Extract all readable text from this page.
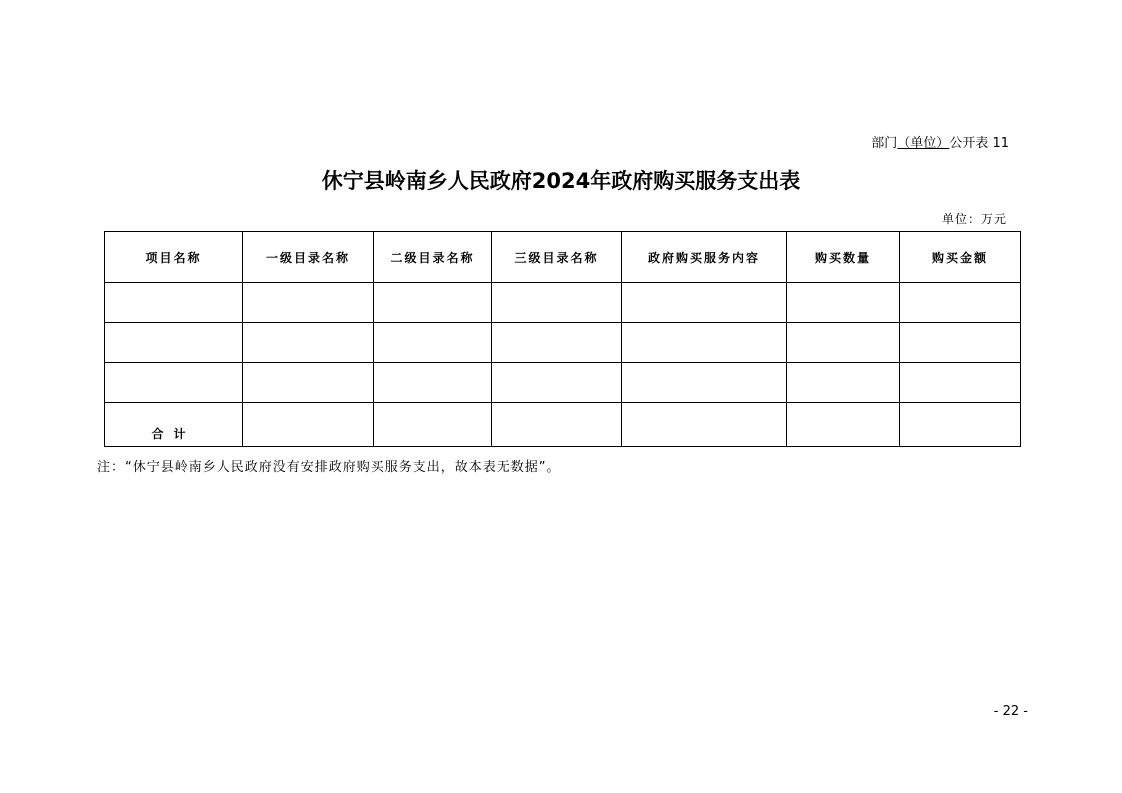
部门（单位）公开表 11
休宁县岭南乡人民政府2024年政府购买服务支出表
单位：万元
项目名称	一级目录名称	二级目录名称	三级目录名称	政府购买服务内容	购买数量	购买金额

合计						
注：“休宁县岭南乡人民政府没有安排政府购买服务支出，故本表无数据”。
- 22 -
